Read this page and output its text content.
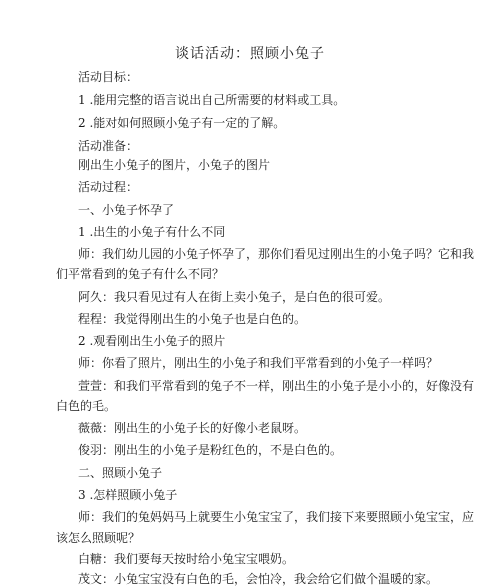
谈话活动：照顾小兔子
活动目标：
1 .能用完整的语言说出自己所需要的材料或工具。
2 .能对如何照顾小兔子有一定的了解。
活动准备：
刚出生小兔子的图片，小兔子的图片
活动过程：
一、小兔子怀孕了
1 .出生的小兔子有什么不同
师：我们幼儿园的小兔子怀孕了，那你们看见过刚出生的小兔子吗？它和我
们平常看到的兔子有什么不同？
阿久：我只看见过有人在街上卖小兔子，是白色的很可爱。
程程：我觉得刚出生的小兔子也是白色的。
2 .观看刚出生小兔子的照片
师：你看了照片，刚出生的小兔子和我们平常看到的小兔子一样吗？
萱萱：和我们平常看到的兔子不一样，刚出生的小兔子是小小的，好像没有
白色的毛。
薇薇：刚出生的小兔子长的好像小老鼠呀。
俊羽：刚出生的小兔子是粉红色的，不是白色的。
二、照顾小兔子
3 .怎样照顾小兔子
师：我们的兔妈妈马上就要生小兔宝宝了，我们接下来要照顾小兔宝宝，应
该怎么照顾呢？
白糖：我们要每天按时给小兔宝宝喂奶。
茂文：小兔宝宝没有白色的毛，会怕冷，我会给它们做个温暖的家。
